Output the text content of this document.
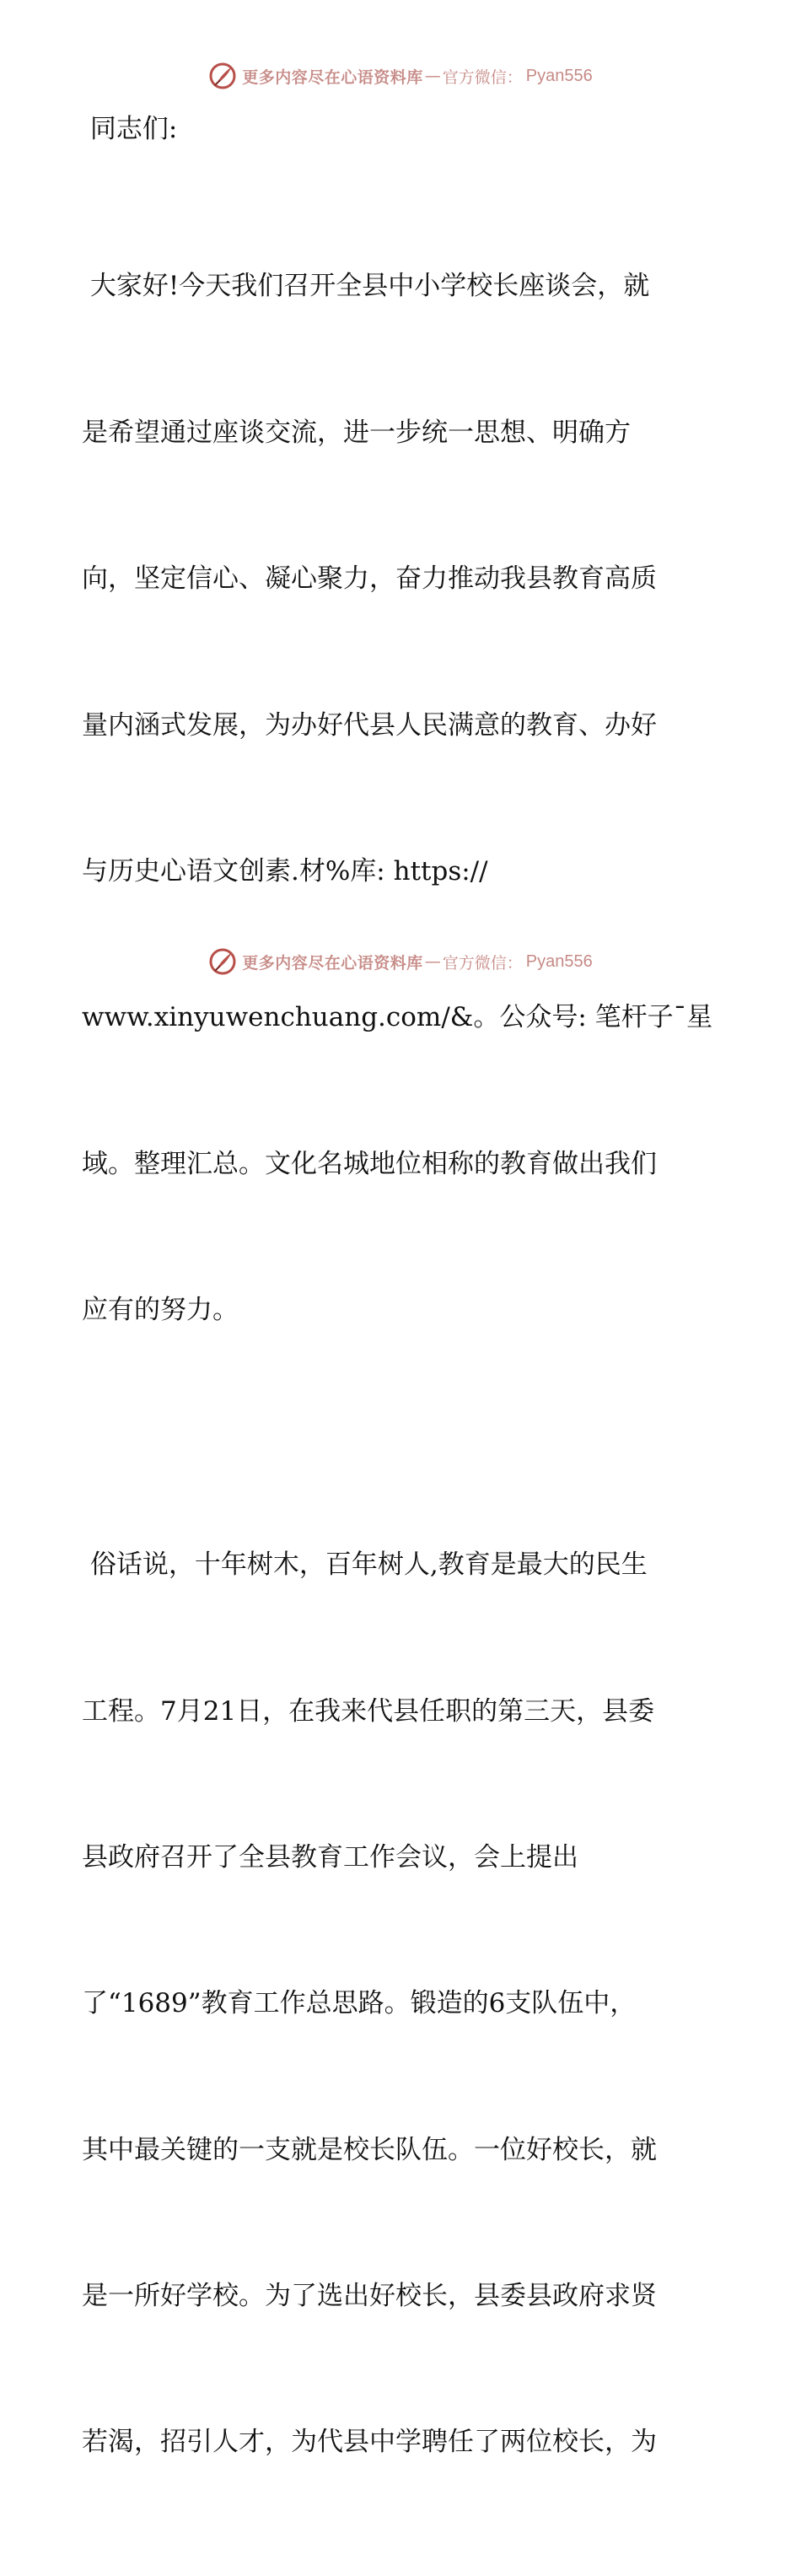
更多内容尽在心语资料库 — 官方微信： Pyan556

同志们:

大家好!今天我们召开全县中小学校长座谈会，就

是希望通过座谈交流，进一步统一思想、明确方

向，坚定信心、凝心聚力，奋力推动我县教育高质

量内涵式发展，为办好代县人民满意的教育、办好

与历史心语文创素.材%库: https://

www.xinyuwenchuang.com/&。公众号: 笔杆子¯星

域。整理汇总。文化名城地位相称的教育做出我们

应有的努力。

俗话说，十年树木，百年树人,教育是最大的民生

工程。7月21日，在我来代县任职的第三天，县委

县政府召开了全县教育工作会议，会上提出

了“1689”教育工作总思路。锻造的6支队伍中，

其中最关键的一支就是校长队伍。一位好校长，就

是一所好学校。为了选出好校长，县委县政府求贤

若渴，招引人才，为代县中学聘任了两位校长，为

更多内容尽在心语资料库 — 官方微信： Pyan556
